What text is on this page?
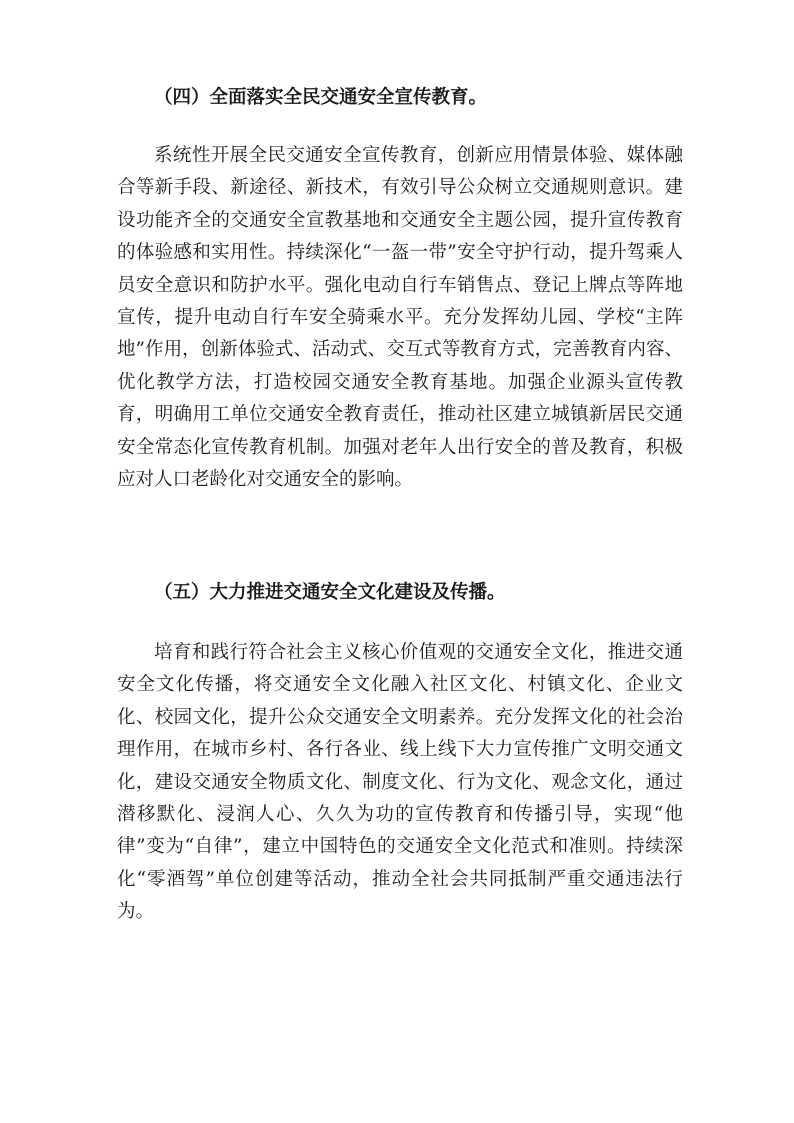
（四）全面落实全民交通安全宣传教育。

系统性开展全民交通安全宣传教育，创新应用情景体验、媒体融合等新手段、新途径、新技术，有效引导公众树立交通规则意识。建设功能齐全的交通安全宣教基地和交通安全主题公园，提升宣传教育的体验感和实用性。持续深化“一盔一带”安全守护行动，提升驾乘人员安全意识和防护水平。强化电动自行车销售点、登记上牌点等阵地宣传，提升电动自行车安全骑乘水平。充分发挥幼儿园、学校“主阵地”作用，创新体验式、活动式、交互式等教育方式，完善教育内容、优化教学方法，打造校园交通安全教育基地。加强企业源头宣传教育，明确用工单位交通安全教育责任，推动社区建立城镇新居民交通安全常态化宣传教育机制。加强对老年人出行安全的普及教育，积极应对人口老龄化对交通安全的影响。

（五）大力推进交通安全文化建设及传播。

培育和践行符合社会主义核心价值观的交通安全文化，推进交通安全文化传播，将交通安全文化融入社区文化、村镇文化、企业文化、校园文化，提升公众交通安全文明素养。充分发挥文化的社会治理作用，在城市乡村、各行各业、线上线下大力宣传推广文明交通文化，建设交通安全物质文化、制度文化、行为文化、观念文化，通过潜移默化、浸润人心、久久为功的宣传教育和传播引导，实现“他律”变为“自律”，建立中国特色的交通安全文化范式和准则。持续深化“零酒驾”单位创建等活动，推动全社会共同抵制严重交通违法行为。
